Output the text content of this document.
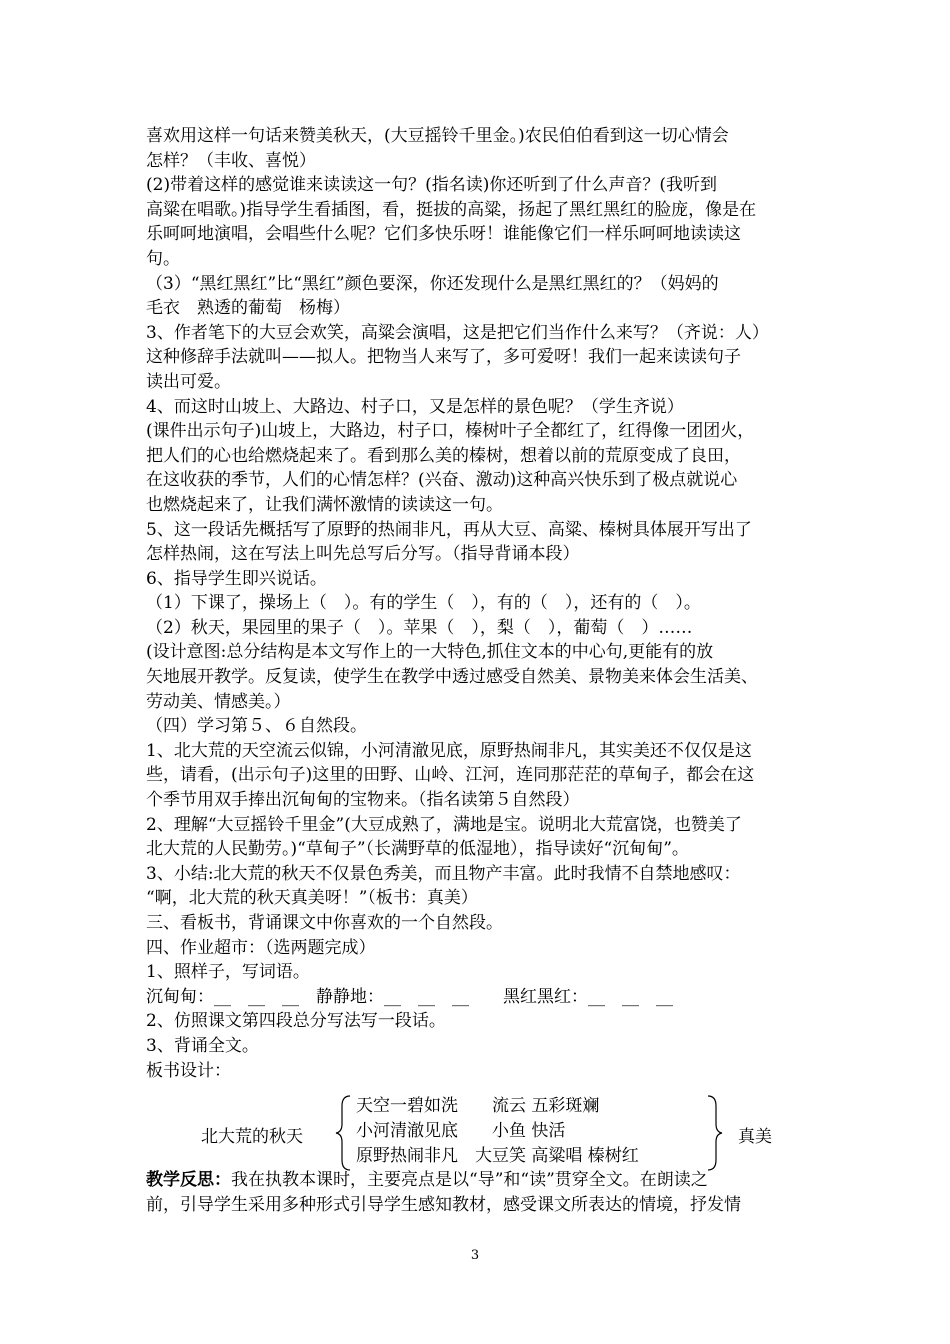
喜欢用这样一句话来赞美秋天，(大豆摇铃千里金。)农民伯伯看到这一切心情会
怎样？（丰收、喜悦）
(2)带着这样的感觉谁来读读这一句？(指名读)你还听到了什么声音？(我听到
高粱在唱歌。)指导学生看插图，看，挺拔的高粱，扬起了黑红黑红的脸庞，像是在
乐呵呵地演唱，会唱些什么呢？它们多快乐呀！谁能像它们一样乐呵呵地读读这
句。
（3）“黑红黑红”比“黑红”颜色要深，你还发现什么是黑红黑红的？（妈妈的
毛衣　熟透的葡萄　杨梅）
3、作者笔下的大豆会欢笑，高粱会演唱，这是把它们当作什么来写？（齐说：人）
这种修辞手法就叫——拟人。把物当人来写了，多可爱呀！我们一起来读读句子
读出可爱。
4、而这时山坡上、大路边、村子口，又是怎样的景色呢？（学生齐说）
(课件出示句子)山坡上，大路边，村子口，榛树叶子全都红了，红得像一团团火，
把人们的心也给燃烧起来了。看到那么美的榛树，想着以前的荒原变成了良田，
在这收获的季节，人们的心情怎样？(兴奋、激动)这种高兴快乐到了极点就说心
也燃烧起来了，让我们满怀激情的读读这一句。
5、这一段话先概括写了原野的热闹非凡，再从大豆、高粱、榛树具体展开写出了
怎样热闹，这在写法上叫先总写后分写。（指导背诵本段）
6、指导学生即兴说话。
（1）下课了，操场上（　）。有的学生（　），有的（　），还有的（　）。
（2）秋天，果园里的果子（　）。苹果（　），梨（　），葡萄（　）……
(设计意图:总分结构是本文写作上的一大特色,抓住文本的中心句,更能有的放
矢地展开教学。反复读，使学生在教学中透过感受自然美、景物美来体会生活美、
劳动美、情感美。）
（四）学习第５、６自然段。
1、北大荒的天空流云似锦，小河清澈见底，原野热闹非凡，其实美还不仅仅是这
些，请看，(出示句子)这里的田野、山岭、江河，连同那茫茫的草甸子，都会在这
个季节用双手捧出沉甸甸的宝物来。（指名读第５自然段）
2、理解“大豆摇铃千里金”(大豆成熟了，满地是宝。说明北大荒富饶，也赞美了
北大荒的人民勤劳。)“草甸子”（长满野草的低湿地），指导读好“沉甸甸”。
3、小结:北大荒的秋天不仅景色秀美，而且物产丰富。此时我情不自禁地感叹：
“啊，北大荒的秋天真美呀！”（板书：真美）
三、看板书，背诵课文中你喜欢的一个自然段。
四、作业超市：（选两题完成）
1、照样子，写词语。
沉甸甸：__　__　__　静静地：__　__　__　　黑红黑红：__　__　__
2、仿照课文第四段总分写法写一段话。
3、背诵全文。
板书设计：
北大荒的秋天
天空一碧如洗　　流云 五彩斑斓
小河清澈见底　　小鱼 快活
原野热闹非凡　大豆笑 高粱唱 榛树红
真美
教学反思：我在执教本课时，主要亮点是以“导”和“读”贯穿全文。在朗读之
前，引导学生采用多种形式引导学生感知教材，感受课文所表达的情境，抒发情
3
